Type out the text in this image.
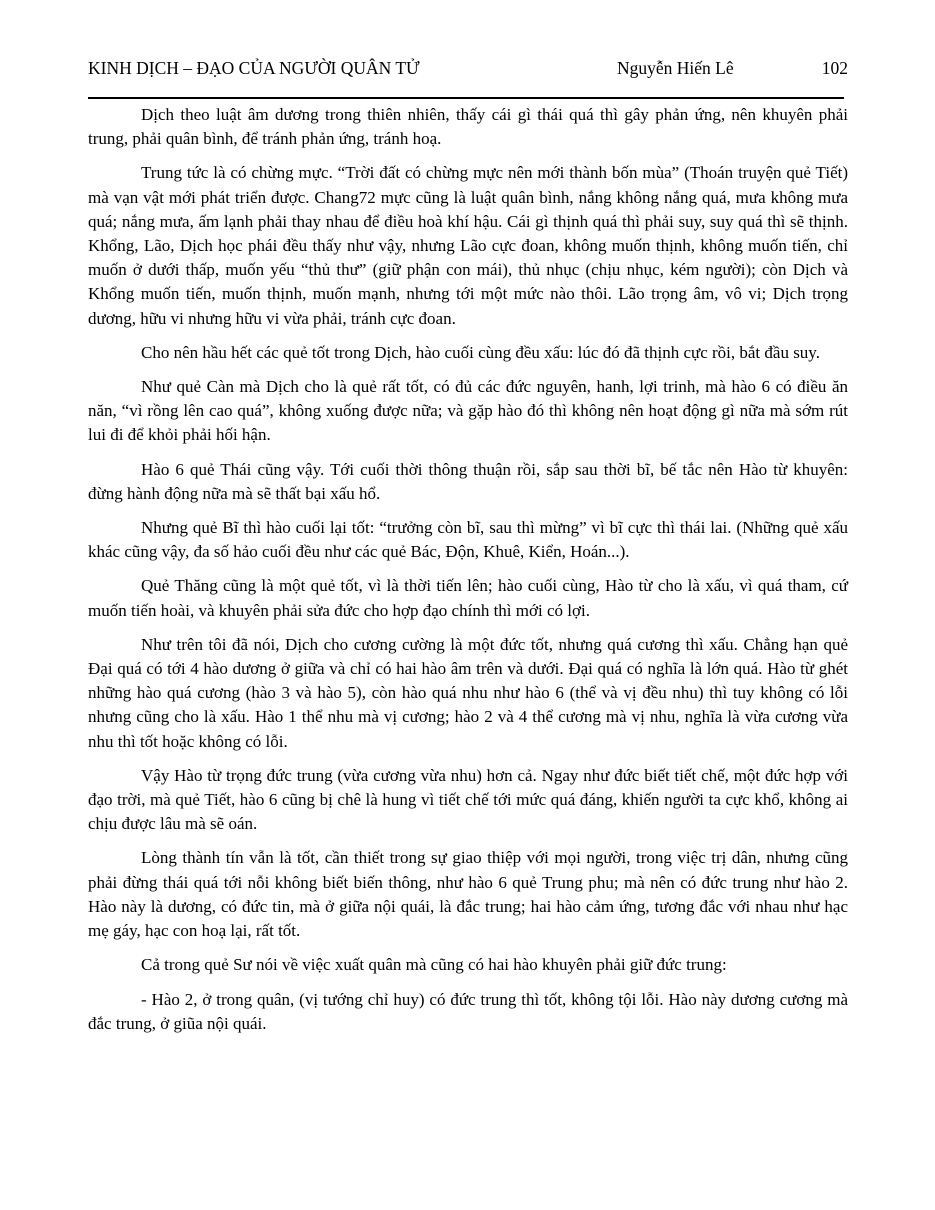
KINH DỊCH – ĐẠO CỦA NGƯỜI QUÂN TỬ	Nguyễn Hiến Lê	102

Dịch theo luật âm dương trong thiên nhiên, thấy cái gì thái quá thì gây phản ứng, nên khuyên phải trung, phải quân bình, để tránh phản ứng, tránh hoạ.

Trung tức là có chừng mực. “Trời đất có chừng mực nên mới thành bốn mùa” (Thoán truyện quẻ Tiết) mà vạn vật mới phát triển được. Chang72 mực cũng là luật quân bình, nắng không nắng quá, mưa không mưa quá; nắng mưa, ấm lạnh phải thay nhau để điều hoà khí hậu. Cái gì thịnh quá thì phải suy, suy quá thì sẽ thịnh. Khổng, Lão, Dịch học phái đều thấy như vậy, nhưng Lão cực đoan, không muốn thịnh, không muốn tiến, chỉ muốn ở dưới thấp, muốn yếu “thủ thư” (giữ phận con mái), thủ nhục (chịu nhục, kém người); còn Dịch và Khổng muốn tiến, muốn thịnh, muốn mạnh, nhưng tới một mức nào thôi. Lão trọng âm, vô vi; Dịch trọng dương, hữu vi nhưng hữu vi vừa phải, tránh cực đoan.

Cho nên hầu hết các quẻ tốt trong Dịch, hào cuối cùng đều xấu: lúc đó đã thịnh cực rồi, bắt đầu suy.

Như quẻ Càn mà Dịch cho là quẻ rất tốt, có đủ các đức nguyên, hanh, lợi trinh, mà hào 6 có điều ăn năn, “vì rồng lên cao quá”, không xuống được nữa; và gặp hào đó thì không nên hoạt động gì nữa mà sớm rút lui đi để khỏi phải hối hận.

Hào 6 quẻ Thái cũng vậy. Tới cuối thời thông thuận rồi, sắp sau thời bĩ, bế tắc nên Hào từ khuyên: đừng hành động nữa mà sẽ thất bại xấu hổ.

Nhưng quẻ Bĩ thì hào cuối lại tốt: “trưởng còn bĩ, sau thì mừng” vì bĩ cực thì thái lai. (Những quẻ xấu khác cũng vậy, đa số hảo cuối đều như các quẻ Bác, Độn, Khuê, Kiển, Hoán...).

Quẻ Thăng cũng là một quẻ tốt, vì là thời tiến lên; hào cuối cùng, Hào từ cho là xấu, vì quá tham, cứ muốn tiến hoài, và khuyên phải sửa đức cho hợp đạo chính thì mới có lợi.

Như trên tôi đã nói, Dịch cho cương cường là một đức tốt, nhưng quá cương thì xấu. Chẳng hạn quẻ Đại quá có tới 4 hào dương ở giữa và chỉ có hai hào âm trên và dưới. Đại quá có nghĩa là lớn quá. Hào từ ghét những hào quá cương (hào 3 và hào 5), còn hào quá nhu như hào 6 (thể và vị đều nhu) thì tuy không có lỗi nhưng cũng cho là xấu. Hào 1 thể nhu mà vị cương; hào 2 và 4 thể cương mà vị nhu, nghĩa là vừa cương vừa nhu thì tốt hoặc không có lỗi.

Vậy Hào từ trọng đức trung (vừa cương vừa nhu) hơn cả. Ngay như đức biết tiết chế, một đức hợp với đạo trời, mà quẻ Tiết, hào 6 cũng bị chê là hung vì tiết chế tới mức quá đáng, khiến người ta cực khổ, không ai chịu được lâu mà sẽ oán.

Lòng thành tín vẫn là tốt, cần thiết trong sự giao thiệp với mọi người, trong việc trị dân, nhưng cũng phải đừng thái quá tới nỗi không biết biến thông, như hào 6 quẻ Trung phu; mà nên có đức trung như hào 2. Hào này là dương, có đức tin, mà ở giữa nội quái, là đắc trung; hai hào cảm ứng, tương đắc với nhau như hạc mẹ gáy, hạc con hoạ lại, rất tốt.

Cả trong quẻ Sư nói về việc xuất quân mà cũng có hai hào khuyên phải giữ đức trung:

- Hào 2, ở trong quân, (vị tướng chỉ huy) có đức trung thì tốt, không tội lỗi. Hào này dương cương mà đắc trung, ở giũa nội quái.
